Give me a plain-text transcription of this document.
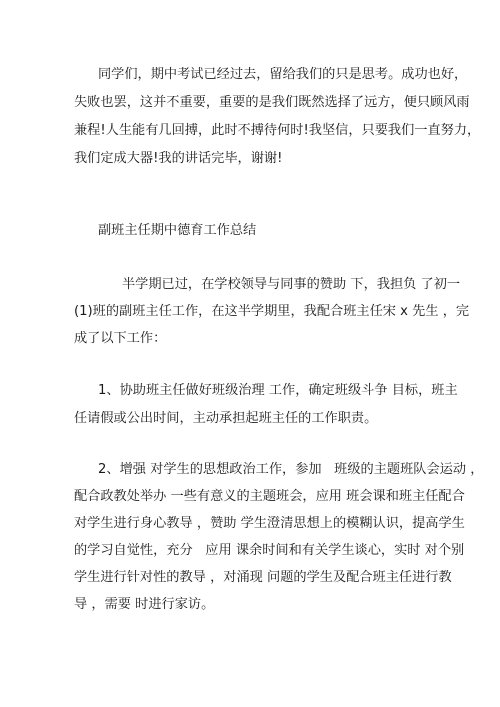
同学们，期中考试已经过去，留给我们的只是思考。成功也好，
失败也罢，这并不重要，重要的是我们既然选择了远方，便只顾风雨
兼程!人生能有几回搏，此时不搏待何时!我坚信，只要我们一直努力，
我们定成大器!我的讲话完毕，谢谢!
副班主任期中德育工作总结
半学期已过，在学校领导与同事的赞助 下，我担负 了初一
(1)班的副班主任工作，在这半学期里，我配合班主任宋 x 先生 ，完
成了以下工作：
1、协助班主任做好班级治理 工作，确定班级斗争 目标，班主
任请假或公出时间，主动承担起班主任的工作职责。
2、增强 对学生的思想政治工作，参加   班级的主题班队会运动 ，
配合政教处举办 一些有意义的主题班会，应用 班会课和班主任配合
对学生进行身心教导 ，赞助 学生澄清思想上的模糊认识，提高学生
的学习自觉性，充分   应用 课余时间和有关学生谈心，实时 对个别
学生进行针对性的教导 ，对涌现 问题的学生及配合班主任进行教
导 ，需要 时进行家访。
